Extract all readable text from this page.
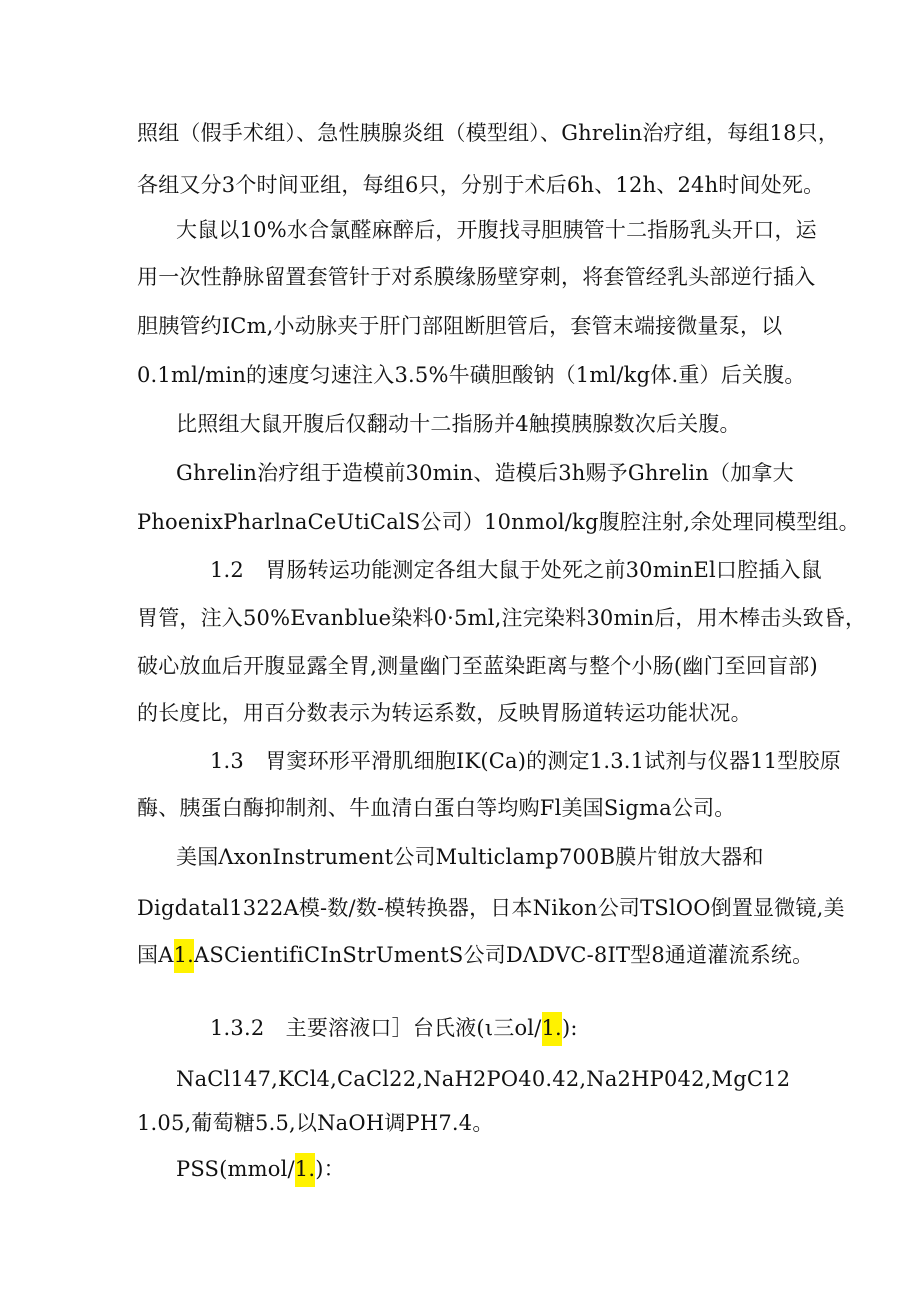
照组（假手术组）、急性胰腺炎组（模型组）、Ghrelin治疗组，每组18只，
各组又分3个时间亚组，每组6只，分别于术后6h、12h、24h时间处死。
大鼠以10%水合氯醛麻醉后，开腹找寻胆胰管十二指肠乳头开口，运
用一次性静脉留置套管针于对系膜缘肠壁穿刺，将套管经乳头部逆行插入
胆胰管约ICm,小动脉夹于肝门部阻断胆管后，套管末端接微量泵，以
0.1ml/min的速度匀速注入3.5%牛磺胆酸钠（1ml/kg体.重）后关腹。
比照组大鼠开腹后仅翻动十二指肠并4触摸胰腺数次后关腹。
Ghrelin治疗组于造模前30min、造模后3h赐予Ghrelin（加拿大
PhoenixPharlnaCeUtiCalS公司）10nmol/kg腹腔注射,余处理同模型组。
1.2　胃肠转运功能测定各组大鼠于处死之前30minEl口腔插入鼠
胃管，注入50%Evanblue染料0·5ml,注完染料30min后，用木棒击头致昏，
破心放血后开腹显露全胃,测量幽门至蓝染距离与整个小肠(幽门至回盲部)
的长度比，用百分数表示为转运系数，反映胃肠道转运功能状况。
1.3　胃窦环形平滑肌细胞IK(Ca)的测定1.3.1试剂与仪器11型胶原
酶、胰蛋白酶抑制剂、牛血清白蛋白等均购Fl美国Sigma公司。
美国ΛxonInstrument公司Multiclamp700B膜片钳放大器和
Digdatal1322A模-数/数-模转换器，日本Nikon公司TSlOO倒置显微镜,美
国A1.ASCientifiCInStrUmentS公司DΛDVC-8IT型8通道灌流系统。
1.3.2　主要溶液口］台氏液(ι三ol/1.):
NaCl147,KCl4,CaCl22,NaH2PO40.42,Na2HP042,MgC12
1.05,葡萄糖5.5,以NaOH调PH7.4。
PSS(mmol/1.)：
